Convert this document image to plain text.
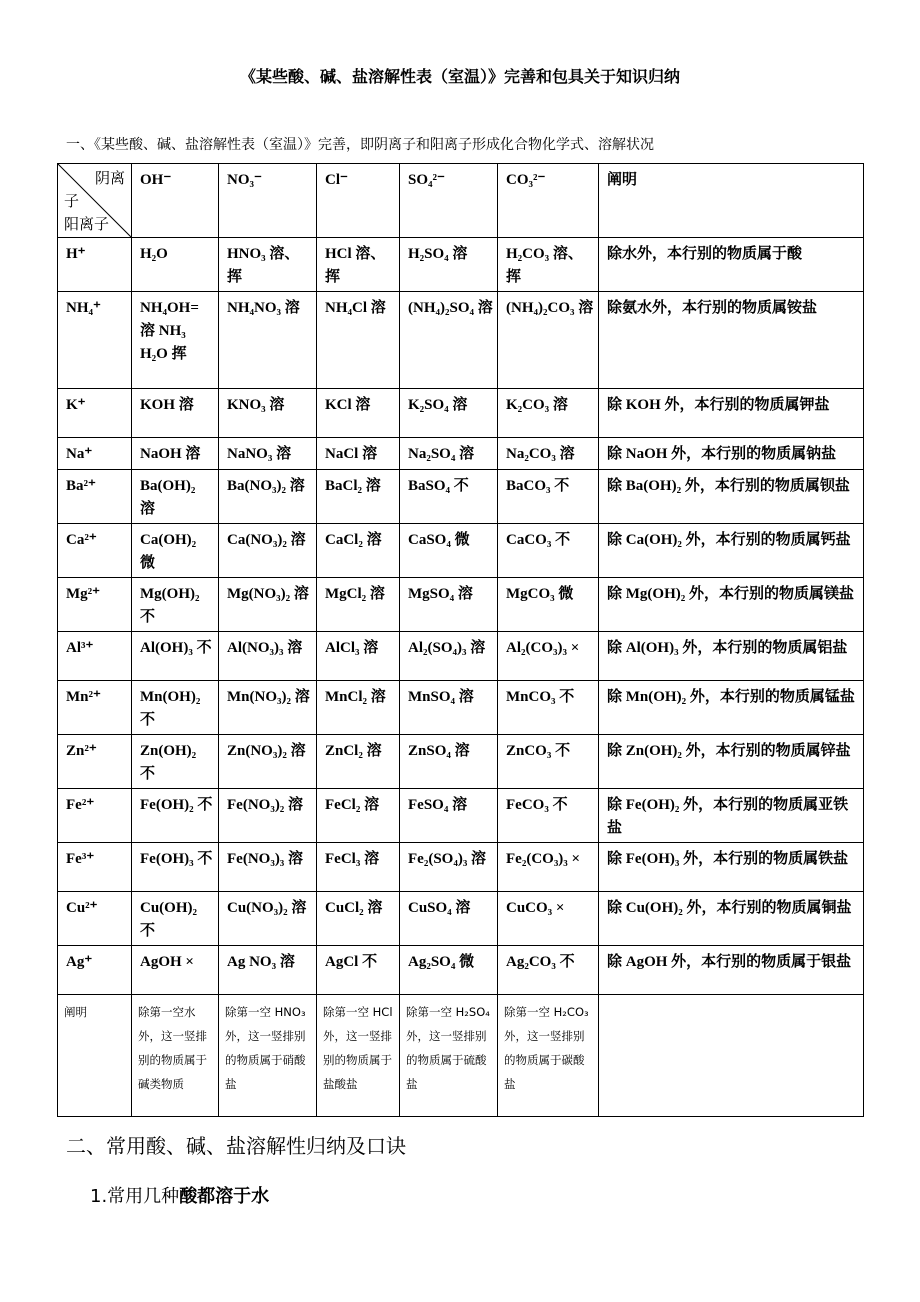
《某些酸、碱、盐溶解性表（室温）》完善和包具关于知识归纳
一、《某些酸、碱、盐溶解性表（室温）》完善，即阴离子和阳离子形成化合物化学式、溶解状况
阴离
子
阳离子	OH⁻	NO₃⁻	Cl⁻	SO₄²⁻	CO₃²⁻	阐明
H⁺	H₂O	HNO₃ 溶、挥	HCl 溶、挥	H₂SO₄ 溶	H₂CO₃ 溶、挥	除水外，本行别的物质属于酸
NH₄⁺	NH₄OH= 溶 NH₃ H₂O 挥	NH₄NO₃ 溶	NH₄Cl 溶	(NH₄)₂SO₄ 溶	(NH₄)₂CO₃ 溶	除氨水外，本行别的物质属铵盐
K⁺	KOH 溶	KNO₃ 溶	KCl 溶	K₂SO₄ 溶	K₂CO₃ 溶	除 KOH 外，本行别的物质属钾盐
Na⁺	NaOH 溶	NaNO₃ 溶	NaCl 溶	Na₂SO₄ 溶	Na₂CO₃ 溶	除 NaOH 外，本行别的物质属钠盐
Ba²⁺	Ba(OH)₂ 溶	Ba(NO₃)₂ 溶	BaCl₂ 溶	BaSO₄ 不	BaCO₃ 不	除 Ba(OH)₂ 外，本行别的物质属钡盐
Ca²⁺	Ca(OH)₂ 微	Ca(NO₃)₂ 溶	CaCl₂ 溶	CaSO₄ 微	CaCO₃ 不	除 Ca(OH)₂ 外，本行别的物质属钙盐
Mg²⁺	Mg(OH)₂ 不	Mg(NO₃)₂ 溶	MgCl₂ 溶	MgSO₄ 溶	MgCO₃ 微	除 Mg(OH)₂ 外，本行别的物质属镁盐
Al³⁺	Al(OH)₃ 不	Al(NO₃)₃ 溶	AlCl₃ 溶	Al₂(SO₄)₃ 溶	Al₂(CO₃)₃ ×	除 Al(OH)₃ 外，本行别的物质属铝盐
Mn²⁺	Mn(OH)₂ 不	Mn(NO₃)₂ 溶	MnCl₂ 溶	MnSO₄ 溶	MnCO₃ 不	除 Mn(OH)₂ 外，本行别的物质属锰盐
Zn²⁺	Zn(OH)₂ 不	Zn(NO₃)₂ 溶	ZnCl₂ 溶	ZnSO₄ 溶	ZnCO₃ 不	除 Zn(OH)₂ 外，本行别的物质属锌盐
Fe²⁺	Fe(OH)₂ 不	Fe(NO₃)₂ 溶	FeCl₂ 溶	FeSO₄ 溶	FeCO₃ 不	除 Fe(OH)₂ 外，本行别的物质属亚铁盐
Fe³⁺	Fe(OH)₃ 不	Fe(NO₃)₃ 溶	FeCl₃ 溶	Fe₂(SO₄)₃ 溶	Fe₂(CO₃)₃ ×	除 Fe(OH)₃ 外，本行别的物质属铁盐
Cu²⁺	Cu(OH)₂ 不	Cu(NO₃)₂ 溶	CuCl₂ 溶	CuSO₄ 溶	CuCO₃ ×	除 Cu(OH)₂ 外，本行别的物质属铜盐
Ag⁺	AgOH ×	Ag NO₃ 溶	AgCl 不	Ag₂SO₄ 微	Ag₂CO₃ 不	除 AgOH 外，本行别的物质属于银盐
阐明	除第一空水外，这一竖排别的物质属于碱类物质	除第一空 HNO₃ 外，这一竖排别的物质属于硝酸盐	除第一空 HCl 外，这一竖排别的物质属于盐酸盐	除第一空 H₂SO₄ 外，这一竖排别的物质属于硫酸盐	除第一空 H₂CO₃ 外，这一竖排别的物质属于碳酸盐	
二、常用酸、碱、盐溶解性归纳及口诀
1.常用几种酸都溶于水
